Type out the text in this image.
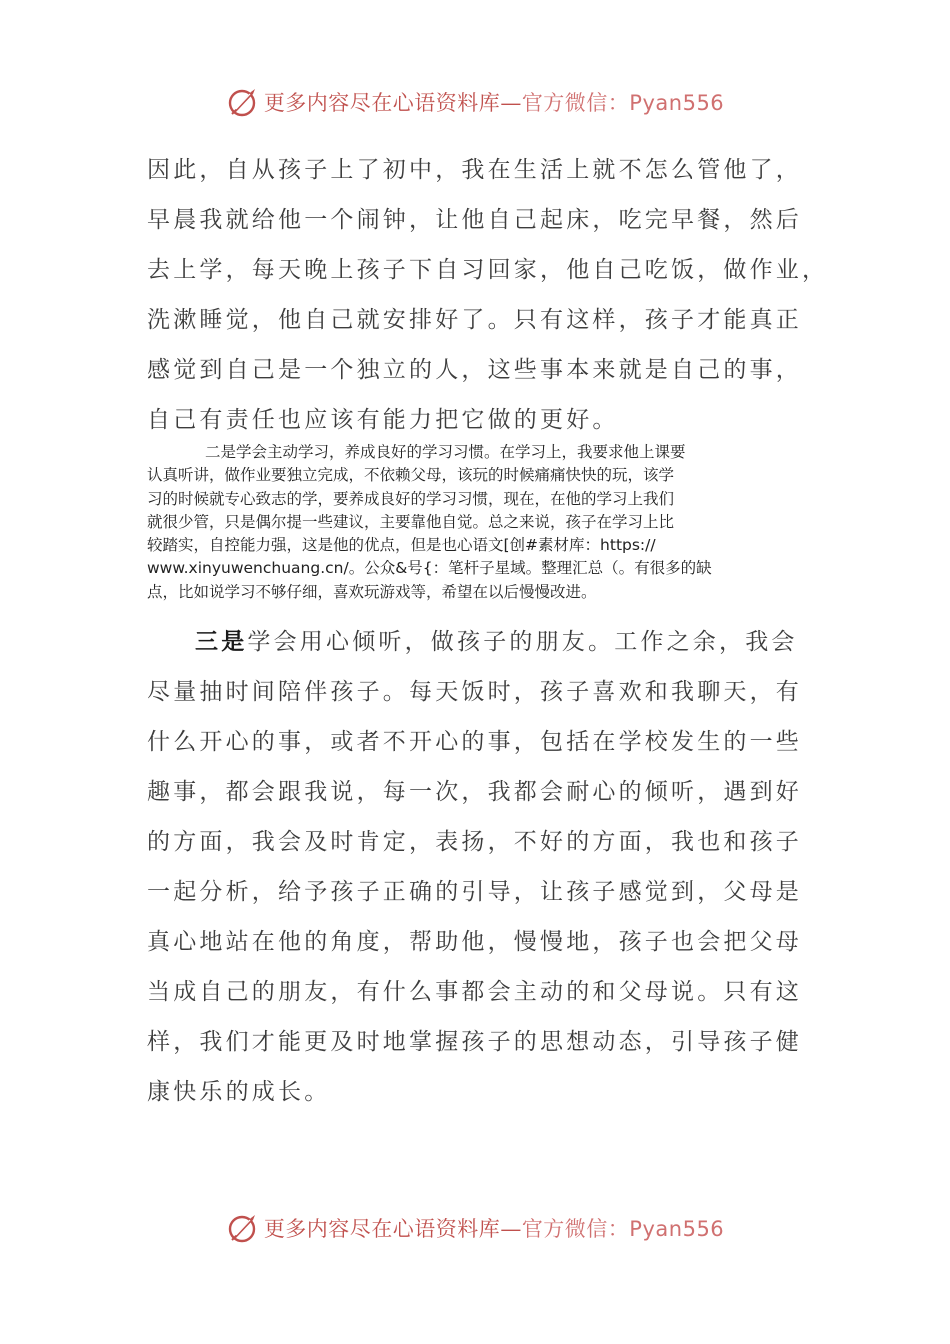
更多内容尽在心语资料库—官方微信：Pyan556
因此，自从孩子上了初中，我在生活上就不怎么管他了，
早晨我就给他一个闹钟，让他自己起床，吃完早餐，然后
去上学，每天晚上孩子下自习回家，他自己吃饭，做作业，
洗漱睡觉，他自己就安排好了。只有这样，孩子才能真正
感觉到自己是一个独立的人，这些事本来就是自己的事，
自己有责任也应该有能力把它做的更好。
二是学会主动学习，养成良好的学习习惯。在学习上，我要求他上课要
认真听讲，做作业要独立完成，不依赖父母，该玩的时候痛痛快快的玩，该学
习的时候就专心致志的学，要养成良好的学习习惯，现在，在他的学习上我们
就很少管，只是偶尔提一些建议，主要靠他自觉。总之来说，孩子在学习上比
较踏实，自控能力强，这是他的优点，但是也心语文[创#素材库：https://
www.xinyuwenchuang.cn/。公众&号{：笔杆子星域。整理汇总（。有很多的缺
点，比如说学习不够仔细，喜欢玩游戏等，希望在以后慢慢改进。
三是学会用心倾听，做孩子的朋友。工作之余，我会
尽量抽时间陪伴孩子。每天饭时，孩子喜欢和我聊天，有
什么开心的事，或者不开心的事，包括在学校发生的一些
趣事，都会跟我说，每一次，我都会耐心的倾听，遇到好
的方面，我会及时肯定，表扬，不好的方面，我也和孩子
一起分析，给予孩子正确的引导，让孩子感觉到，父母是
真心地站在他的角度，帮助他，慢慢地，孩子也会把父母
当成自己的朋友，有什么事都会主动的和父母说。只有这
样，我们才能更及时地掌握孩子的思想动态，引导孩子健
康快乐的成长。
更多内容尽在心语资料库—官方微信：Pyan556
